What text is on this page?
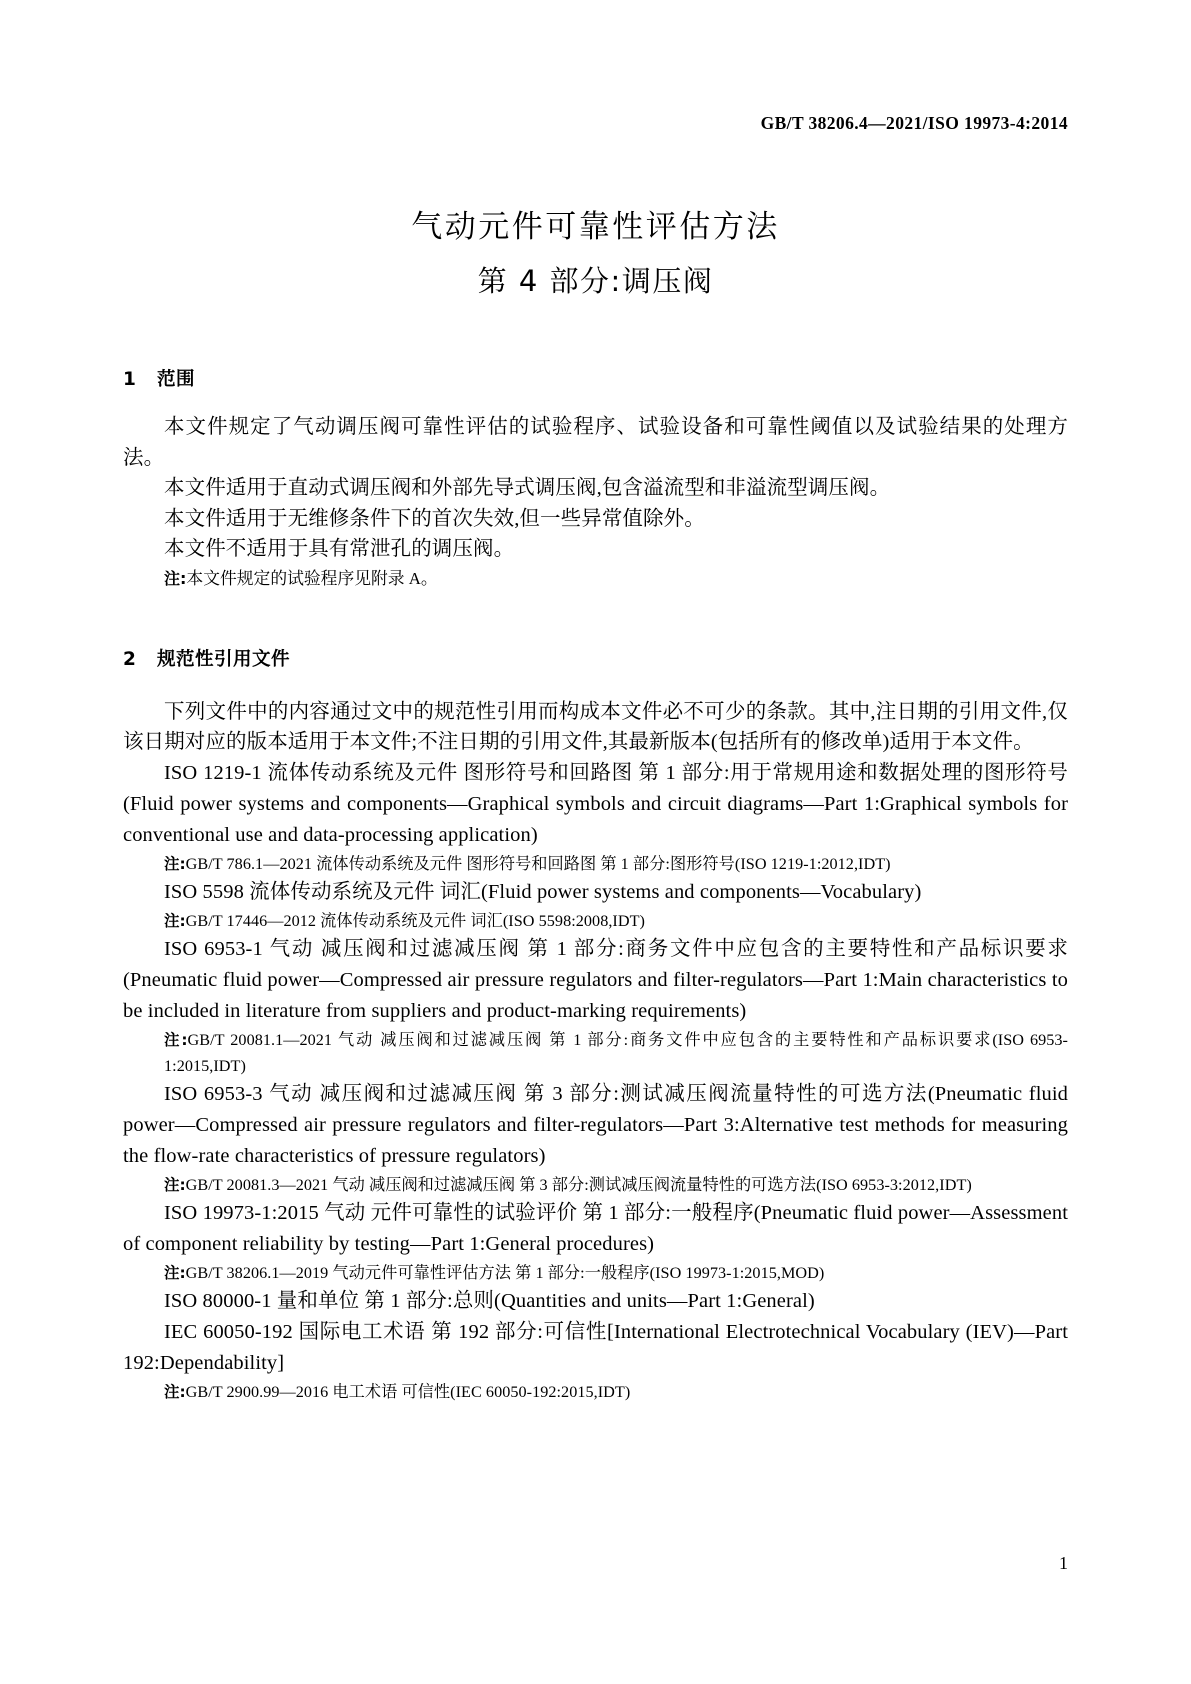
GB/T 38206.4—2021/ISO 19973-4:2014
气动元件可靠性评估方法
第 4 部分:调压阀
1 范围

本文件规定了气动调压阀可靠性评估的试验程序、试验设备和可靠性阈值以及试验结果的处理方法。

本文件适用于直动式调压阀和外部先导式调压阀,包含溢流型和非溢流型调压阀。

本文件适用于无维修条件下的首次失效,但一些异常值除外。

本文件不适用于具有常泄孔的调压阀。

注:本文件规定的试验程序见附录 A。

2 规范性引用文件

下列文件中的内容通过文中的规范性引用而构成本文件必不可少的条款。其中,注日期的引用文件,仅该日期对应的版本适用于本文件;不注日期的引用文件,其最新版本(包括所有的修改单)适用于本文件。

ISO 1219-1 流体传动系统及元件 图形符号和回路图 第 1 部分:用于常规用途和数据处理的图形符号(Fluid power systems and components—Graphical symbols and circuit diagrams—Part 1:Graphical symbols for conventional use and data-processing application)

注:GB/T 786.1—2021 流体传动系统及元件 图形符号和回路图 第 1 部分:图形符号(ISO 1219-1:2012,IDT)

ISO 5598 流体传动系统及元件 词汇(Fluid power systems and components—Vocabulary)

注:GB/T 17446—2012 流体传动系统及元件 词汇(ISO 5598:2008,IDT)

ISO 6953-1 气动 减压阀和过滤减压阀 第 1 部分:商务文件中应包含的主要特性和产品标识要求(Pneumatic fluid power—Compressed air pressure regulators and filter-regulators—Part 1:Main characteristics to be included in literature from suppliers and product-marking requirements)

注:GB/T 20081.1—2021 气动 减压阀和过滤减压阀 第 1 部分:商务文件中应包含的主要特性和产品标识要求(ISO 6953-1:2015,IDT)

ISO 6953-3 气动 减压阀和过滤减压阀 第 3 部分:测试减压阀流量特性的可选方法(Pneumatic fluid power—Compressed air pressure regulators and filter-regulators—Part 3:Alternative test methods for measuring the flow-rate characteristics of pressure regulators)

注:GB/T 20081.3—2021 气动 减压阀和过滤减压阀 第 3 部分:测试减压阀流量特性的可选方法(ISO 6953-3:2012,IDT)

ISO 19973-1:2015 气动 元件可靠性的试验评价 第 1 部分:一般程序(Pneumatic fluid power—Assessment of component reliability by testing—Part 1:General procedures)

注:GB/T 38206.1—2019 气动元件可靠性评估方法 第 1 部分:一般程序(ISO 19973-1:2015,MOD)

ISO 80000-1 量和单位 第 1 部分:总则(Quantities and units—Part 1:General)

IEC 60050-192 国际电工术语 第 192 部分:可信性[International Electrotechnical Vocabulary (IEV)—Part 192:Dependability]

注:GB/T 2900.99—2016 电工术语 可信性(IEC 60050-192:2015,IDT)

1
